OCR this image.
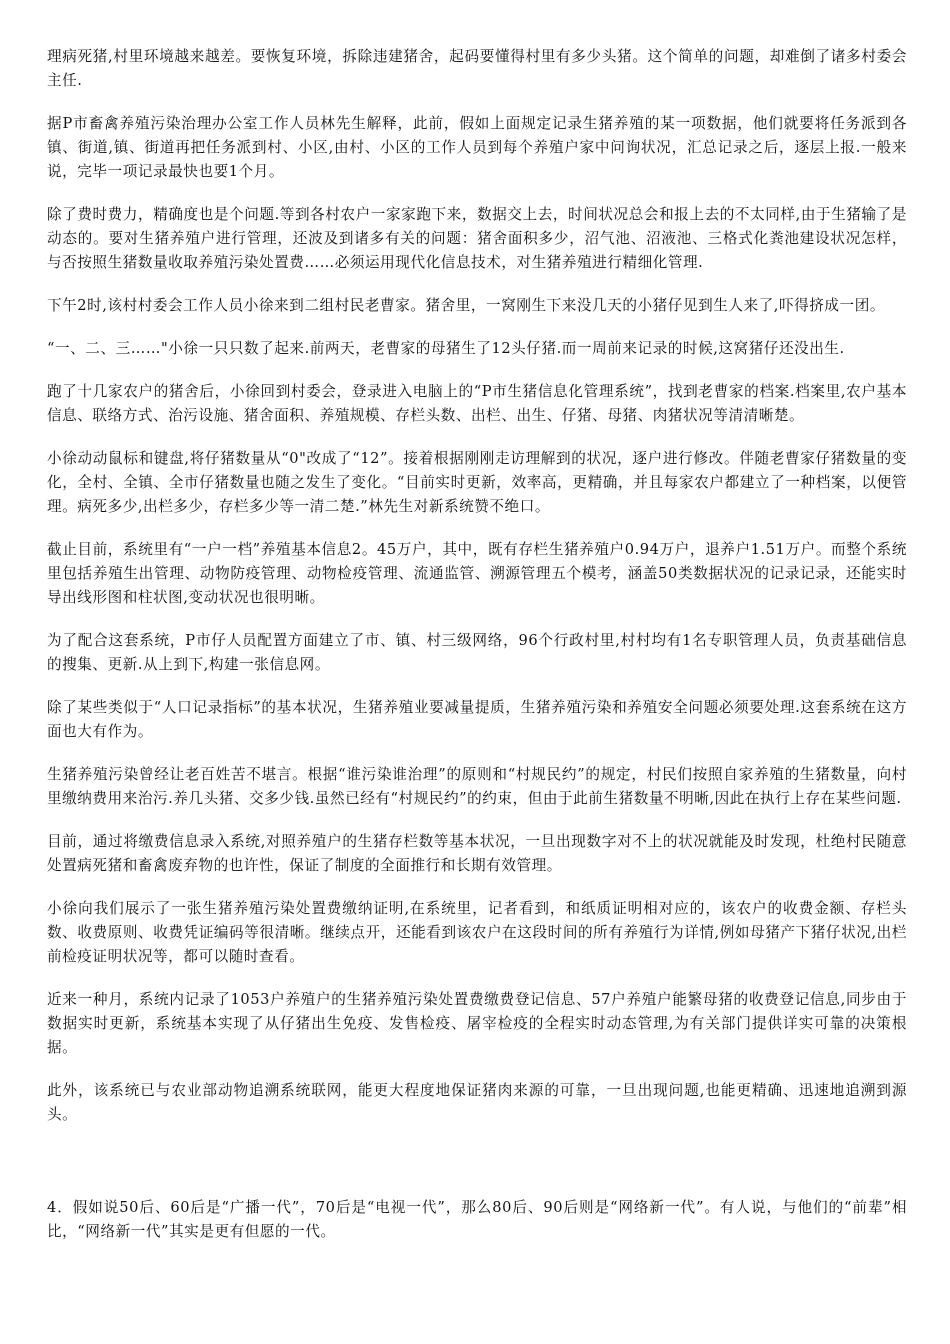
理病死猪,村里环境越来越差。要恢复环境，拆除违建猪舍，起码要懂得村里有多少头猪。这个简单的问题，却难倒了诸多村委会主任.

据P市畜禽养殖污染治理办公室工作人员林先生解释，此前，假如上面规定记录生猪养殖的某一项数据，他们就要将任务派到各镇、街道,镇、街道再把任务派到村、小区,由村、小区的工作人员到每个养殖户家中问询状况，汇总记录之后，逐层上报.一般来说，完毕一项记录最快也要1个月。

除了费时费力，精确度也是个问题.等到各村农户一家家跑下来，数据交上去，时间状况总会和报上去的不太同样,由于生猪输了是动态的。要对生猪养殖户进行管理，还波及到诸多有关的问题：猪舍面积多少，沼气池、沼液池、三格式化粪池建设状况怎样，与否按照生猪数量收取养殖污染处置费……必须运用现代化信息技术，对生猪养殖进行精细化管理.

下午2时,该村村委会工作人员小徐来到二组村民老曹家。猪舍里，一窝刚生下来没几天的小猪仔见到生人来了,吓得挤成一团。

“一、二、三……"小徐一只只数了起来.前两天，老曹家的母猪生了12头仔猪.而一周前来记录的时候,这窝猪仔还没出生.

跑了十几家农户的猪舍后，小徐回到村委会，登录进入电脑上的“P市生猪信息化管理系统”，找到老曹家的档案.档案里,农户基本信息、联络方式、治污设施、猪舍面积、养殖规模、存栏头数、出栏、出生、仔猪、母猪、肉猪状况等清清晰楚。

小徐动动鼠标和键盘,将仔猪数量从“0"改成了“12”。接着根据刚刚走访理解到的状况，逐户进行修改。伴随老曹家仔猪数量的变化，全村、全镇、全市仔猪数量也随之发生了变化。“目前实时更新，效率高，更精确，并且每家农户都建立了一种档案，以便管理。病死多少,出栏多少，存栏多少等一清二楚.”林先生对新系统赞不绝口。

截止目前，系统里有“一户一档”养殖基本信息2。45万户，其中，既有存栏生猪养殖户0.94万户，退养户1.51万户。而整个系统里包括养殖生出管理、动物防疫管理、动物检疫管理、流通监管、溯源管理五个模考，涵盖50类数据状况的记录记录，还能实时导出线形图和柱状图,变动状况也很明晰。

为了配合这套系统，P市仔人员配置方面建立了市、镇、村三级网络，96个行政村里,村村均有1名专职管理人员，负责基础信息的搜集、更新.从上到下,构建一张信息网。

除了某些类似于“人口记录指标”的基本状况，生猪养殖业要减量提质，生猪养殖污染和养殖安全问题必须要处理.这套系统在这方面也大有作为。

生猪养殖污染曾经让老百姓苦不堪言。根据“谁污染谁治理”的原则和“村规民约”的规定，村民们按照自家养殖的生猪数量，向村里缴纳费用来治污.养几头猪、交多少钱.虽然已经有“村规民约”的约束，但由于此前生猪数量不明晰,因此在执行上存在某些问题.

目前，通过将缴费信息录入系统,对照养殖户的生猪存栏数等基本状况，一旦出现数字对不上的状况就能及时发现，杜绝村民随意处置病死猪和畜禽废弃物的也许性，保证了制度的全面推行和长期有效管理。

小徐向我们展示了一张生猪养殖污染处置费缴纳证明,在系统里，记者看到，和纸质证明相对应的，该农户的收费金额、存栏头数、收费原则、收费凭证编码等很清晰。继续点开，还能看到该农户在这段时间的所有养殖行为详情,例如母猪产下猪仔状况,出栏前检疫证明状况等，都可以随时查看。

近来一种月，系统内记录了1053户养殖户的生猪养殖污染处置费缴费登记信息、57户养殖户能繁母猪的收费登记信息,同步由于数据实时更新，系统基本实现了从仔猪出生免疫、发售检疫、屠宰检疫的全程实时动态管理,为有关部门提供详实可靠的决策根据。

此外，该系统已与农业部动物追溯系统联网，能更大程度地保证猪肉来源的可靠，一旦出现问题,也能更精确、迅速地追溯到源头。

4．假如说50后、60后是“广播一代”，70后是“电视一代”，那么80后、90后则是“网络新一代”。有人说，与他们的“前辈”相比，“网络新一代”其实是更有但愿的一代。
